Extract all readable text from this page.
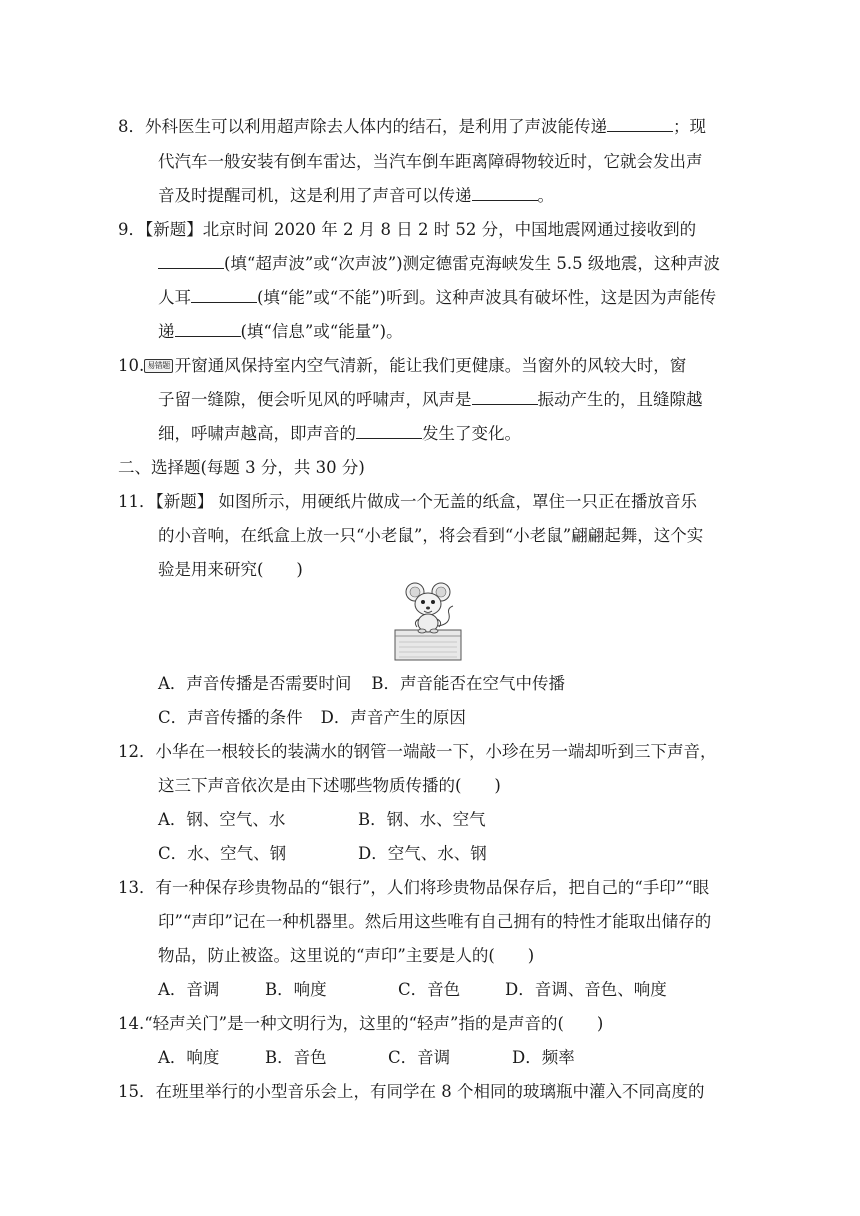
8．外科医生可以利用超声除去人体内的结石，是利用了声波能传递	；现
代汽车一般安装有倒车雷达，当汽车倒车距离障碍物较近时，它就会发出声
音及时提醒司机，这是利用了声音可以传递	。
9．【新题】北京时间 2020 年 2 月 8 日 2 时 52 分，中国地震网通过接收到的
(填“超声波”或“次声波”)测定德雷克海峡发生 5.5 级地震，这种声波
人耳	(填“能”或“不能”)听到。这种声波具有破坏性，这是因为声能传
递	(填“信息”或“能量”)。
10. 易错题 开窗通风保持室内空气清新，能让我们更健康。当窗外的风较大时，窗
子留一缝隙，便会听见风的呼啸声，风声是	振动产生的，且缝隙越
细，呼啸声越高，即声音的	发生了变化。
二、选择题(每题 3 分，共 30 分)
11．【新题】 如图所示，用硬纸片做成一个无盖的纸盒，罩住一只正在播放音乐
的小音响，在纸盒上放一只“小老鼠”，将会看到“小老鼠”翩翩起舞，这个实
验是用来研究(　　)
A．声音传播是否需要时间 B．声音能否在空气中传播
C．声音传播的条件 D．声音产生的原因
12．小华在一根较长的装满水的钢管一端敲一下，小珍在另一端却听到三下声音，
这三下声音依次是由下述哪些物质传播的(　　)
A．钢、空气、水	B．钢、水、空气
C．水、空气、钢	D．空气、水、钢
13．有一种保存珍贵物品的“银行”，人们将珍贵物品保存后，把自己的“手印”“眼
印”“声印”记在一种机器里。然后用这些唯有自己拥有的特性才能取出储存的
物品，防止被盗。这里说的“声印”主要是人的(　　)
A．音调	B．响度	C．音色	D．音调、音色、响度
14.“轻声关门”是一种文明行为，这里的“轻声”指的是声音的(　　)
A．响度	B．音色	C．音调	D．频率
15．在班里举行的小型音乐会上，有同学在 8 个相同的玻璃瓶中灌入不同高度的
